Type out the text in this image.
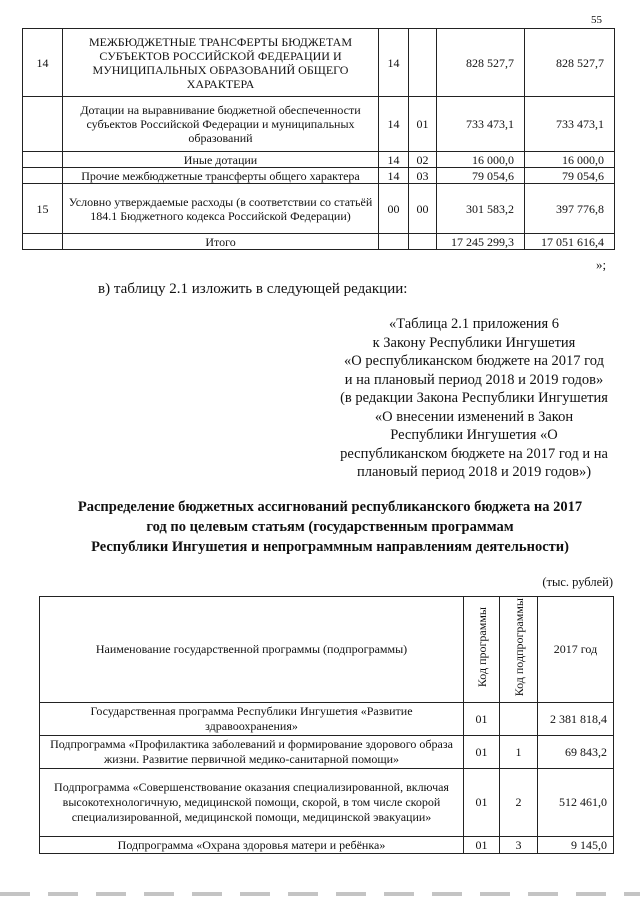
55
14	МЕЖБЮДЖЕТНЫЕ ТРАНСФЕРТЫ БЮДЖЕТАМ СУБЪЕКТОВ РОССИЙСКОЙ ФЕДЕРАЦИИ И МУНИЦИПАЛЬНЫХ ОБРАЗОВАНИЙ ОБЩЕГО ХАРАКТЕРА	14		828 527,7	828 527,7
	Дотации на выравнивание бюджетной обеспеченности субъектов Российской Федерации и муниципальных образований	14	01	733 473,1	733 473,1
	Иные дотации	14	02	16 000,0	16 000,0
	Прочие межбюджетные трансферты общего характера	14	03	79 054,6	79 054,6
15	Условно утверждаемые расходы (в соответствии со статьёй 184.1 Бюджетного кодекса Российской Федерации)	00	00	301 583,2	397 776,8
	Итого			17 245 299,3	17 051 616,4
»;
в) таблицу 2.1 изложить в следующей редакции:
«Таблица 2.1 приложения 6
к Закону Республики Ингушетия
«О республиканском бюджете на 2017 год и на плановый период 2018 и 2019 годов» (в редакции Закона Республики Ингушетия «О внесении изменений в Закон Республики Ингушетия «О республиканском бюджете на 2017 год и на плановый период 2018 и 2019 годов»)
Распределение бюджетных ассигнований республиканского бюджета на 2017
год по целевым статьям (государственным программам
Республики Ингушетия и непрограммным направлениям деятельности)
(тыс. рублей)
Наименование государственной программы (подпрограммы)	Код программы	Код подпрограммы	2017 год
Государственная программа Республики Ингушетия «Развитие здравоохранения»	01		2 381 818,4
Подпрограмма «Профилактика заболеваний и формирование здорового образа жизни. Развитие первичной медико-санитарной помощи»	01	1	69 843,2
Подпрограмма «Совершенствование оказания специализированной, включая высокотехнологичную, медицинской помощи, скорой, в том числе скорой специализированной, медицинской помощи, медицинской эвакуации»	01	2	512 461,0
Подпрограмма «Охрана здоровья матери и ребёнка»	01	3	9 145,0
